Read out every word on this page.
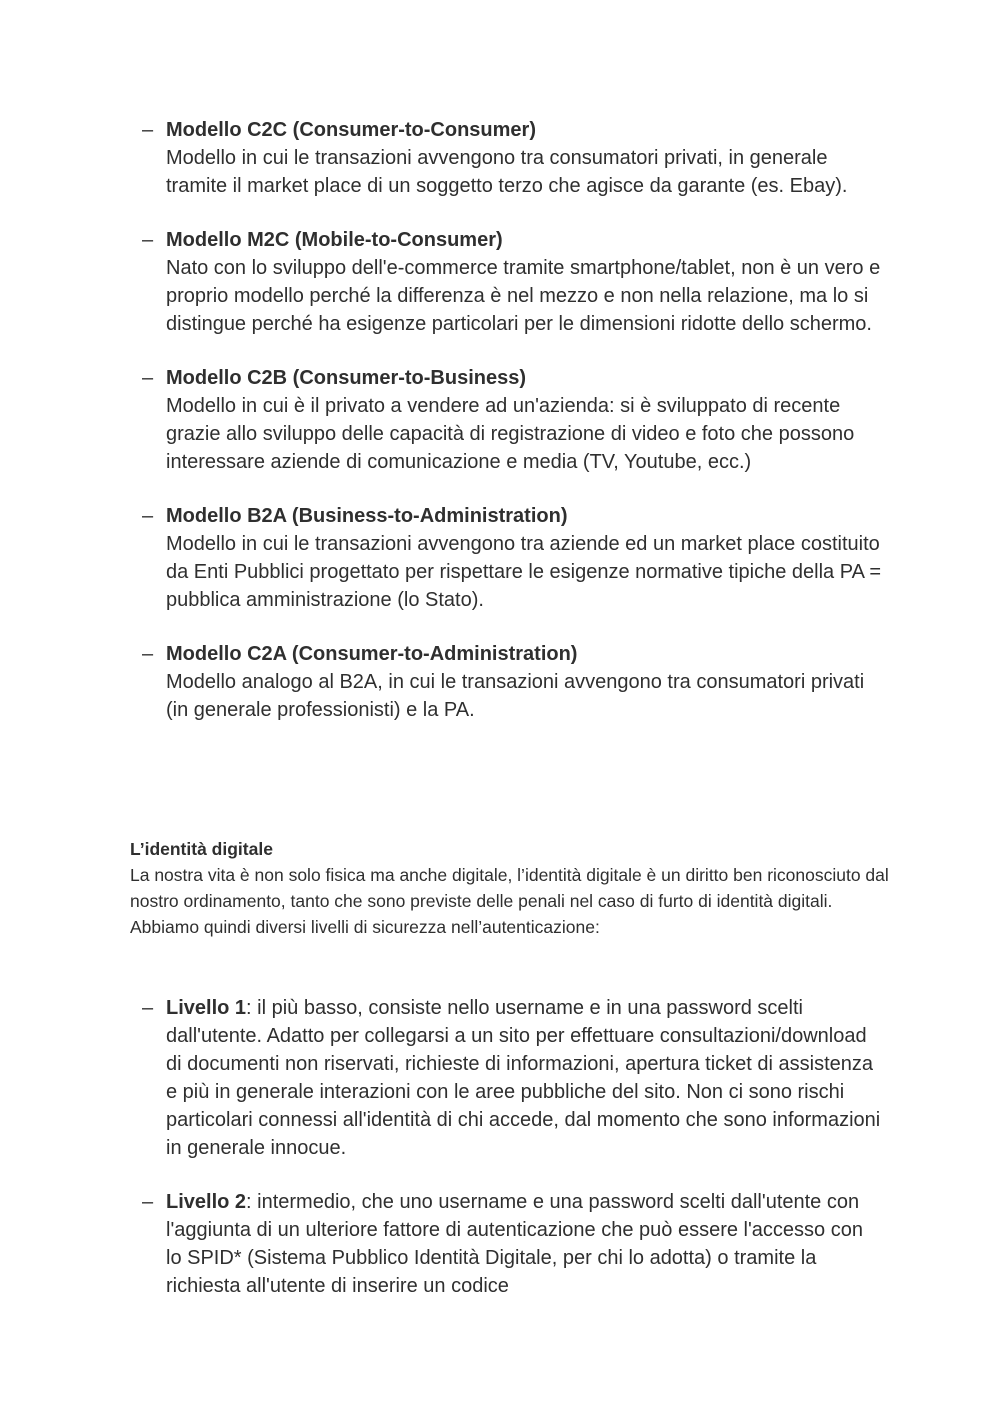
– Modello C2C (Consumer-to-Consumer)
Modello in cui le transazioni avvengono tra consumatori privati, in generale tramite il market place di un soggetto terzo che agisce da garante (es. Ebay).
– Modello M2C (Mobile-to-Consumer)
Nato con lo sviluppo dell'e-commerce tramite smartphone/tablet, non è un vero e proprio modello perché la differenza è nel mezzo e non nella relazione, ma lo si distingue perché ha esigenze particolari per le dimensioni ridotte dello schermo.
– Modello C2B (Consumer-to-Business)
Modello in cui è il privato a vendere ad un'azienda: si è sviluppato di recente grazie allo sviluppo delle capacità di registrazione di video e foto che possono interessare aziende di comunicazione e media (TV, Youtube, ecc.)
– Modello B2A (Business-to-Administration)
Modello in cui le transazioni avvengono tra aziende ed un market place costituito da Enti Pubblici progettato per rispettare le esigenze normative tipiche della PA = pubblica amministrazione (lo Stato).
– Modello C2A (Consumer-to-Administration)
Modello analogo al B2A, in cui le transazioni avvengono tra consumatori privati (in generale professionisti) e la PA.
L’identità digitale

La nostra vita è non solo fisica ma anche digitale, l’identità digitale è un diritto ben riconosciuto dal nostro ordinamento, tanto che sono previste delle penali nel caso di furto di identità digitali.

Abbiamo quindi diversi livelli di sicurezza nell’autenticazione:

– Livello 1: il più basso, consiste nello username e in una password scelti dall'utente. Adatto per collegarsi a un sito per effettuare consultazioni/download di documenti non riservati, richieste di informazioni, apertura ticket di assistenza e più in generale interazioni con le aree pubbliche del sito. Non ci sono rischi particolari connessi all'identità di chi accede, dal momento che sono informazioni in generale innocue.
– Livello 2: intermedio, che uno username e una password scelti dall'utente con l'aggiunta di un ulteriore fattore di autenticazione che può essere l'accesso con lo SPID* (Sistema Pubblico Identità Digitale, per chi lo adotta) o tramite la richiesta all'utente di inserire un codice
